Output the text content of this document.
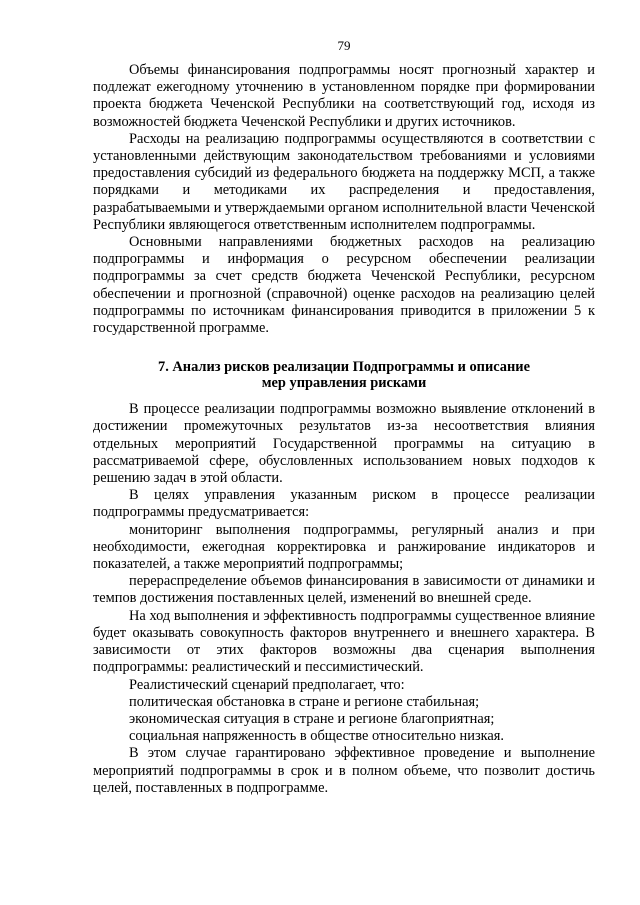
79

Объемы финансирования подпрограммы носят прогнозный характер и подлежат ежегодному уточнению в установленном порядке при формировании проекта бюджета Чеченской Республики на соответствующий год, исходя из возможностей бюджета Чеченской Республики и других источников.

Расходы на реализацию подпрограммы осуществляются в соответствии с установленными действующим законодательством требованиями и условиями предоставления субсидий из федерального бюджета на поддержку МСП, а также порядками и методиками их распределения и предоставления, разрабатываемыми и утверждаемыми органом исполнительной власти Чеченской Республики являющегося ответственным исполнителем подпрограммы.

Основными направлениями бюджетных расходов на реализацию подпрограммы и информация о ресурсном обеспечении реализации подпрограммы за счет средств бюджета Чеченской Республики, ресурсном обеспечении и прогнозной (справочной) оценке расходов на реализацию целей подпрограммы по источникам финансирования приводится в приложении 5 к государственной программе.

7. Анализ рисков реализации Подпрограммы и описание
мер управления рисками

В процессе реализации подпрограммы возможно выявление отклонений в достижении промежуточных результатов из-за несоответствия влияния отдельных мероприятий Государственной программы на ситуацию в рассматриваемой сфере, обусловленных использованием новых подходов к решению задач в этой области.

В целях управления указанным риском в процессе реализации подпрограммы предусматривается:

мониторинг выполнения подпрограммы, регулярный анализ и при необходимости, ежегодная корректировка и ранжирование индикаторов и показателей, а также мероприятий подпрограммы;

перераспределение объемов финансирования в зависимости от динамики и темпов достижения поставленных целей, изменений во внешней среде.

На ход выполнения и эффективность подпрограммы существенное влияние будет оказывать совокупность факторов внутреннего и внешнего характера. В зависимости от этих факторов возможны два сценария выполнения подпрограммы: реалистический и пессимистический.

Реалистический сценарий предполагает, что:

политическая обстановка в стране и регионе стабильная;

экономическая ситуация в стране и регионе благоприятная;

социальная напряженность в обществе относительно низкая.

В этом случае гарантировано эффективное проведение и выполнение мероприятий подпрограммы в срок и в полном объеме, что позволит достичь целей, поставленных в подпрограмме.
